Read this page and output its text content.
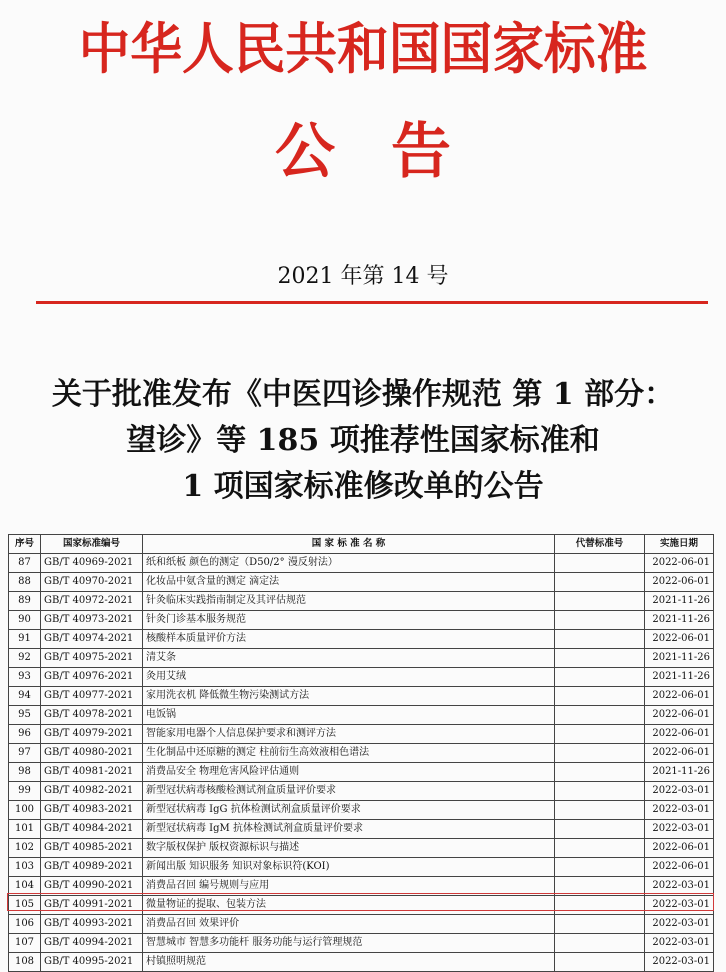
中华人民共和国国家标准
公告
2021 年第 14 号
关于批准发布《中医四诊操作规范 第 1 部分：
望诊》等 185 项推荐性国家标准和
1 项国家标准修改单的公告
序号	国家标准编号	国 家 标 准 名 称	代替标准号	实施日期
87	GB/T 40969-2021	纸和纸板 颜色的测定（D50/2° 漫反射法）		2022-06-01
88	GB/T 40970-2021	化妆品中氨含量的测定 滴定法		2022-06-01
89	GB/T 40972-2021	针灸临床实践指南制定及其评估规范		2021-11-26
90	GB/T 40973-2021	针灸门诊基本服务规范		2021-11-26
91	GB/T 40974-2021	核酸样本质量评价方法		2022-06-01
92	GB/T 40975-2021	清艾条		2021-11-26
93	GB/T 40976-2021	灸用艾绒		2021-11-26
94	GB/T 40977-2021	家用洗衣机 降低微生物污染测试方法		2022-06-01
95	GB/T 40978-2021	电饭锅		2022-06-01
96	GB/T 40979-2021	智能家用电器个人信息保护要求和测评方法		2022-06-01
97	GB/T 40980-2021	生化制品中还原糖的测定 柱前衍生高效液相色谱法		2022-06-01
98	GB/T 40981-2021	消费品安全 物理危害风险评估通则		2021-11-26
99	GB/T 40982-2021	新型冠状病毒核酸检测试剂盒质量评价要求		2022-03-01
100	GB/T 40983-2021	新型冠状病毒 IgG 抗体检测试剂盒质量评价要求		2022-03-01
101	GB/T 40984-2021	新型冠状病毒 IgM 抗体检测试剂盒质量评价要求		2022-03-01
102	GB/T 40985-2021	数字版权保护 版权资源标识与描述		2022-06-01
103	GB/T 40989-2021	新闻出版 知识服务 知识对象标识符(KOI)		2022-06-01
104	GB/T 40990-2021	消费品召回 编号规则与应用		2022-03-01
105	GB/T 40991-2021	微量物证的提取、包装方法		2022-03-01
106	GB/T 40993-2021	消费品召回 效果评价		2022-03-01
107	GB/T 40994-2021	智慧城市 智慧多功能杆 服务功能与运行管理规范		2022-03-01
108	GB/T 40995-2021	村镇照明规范		2022-03-01
